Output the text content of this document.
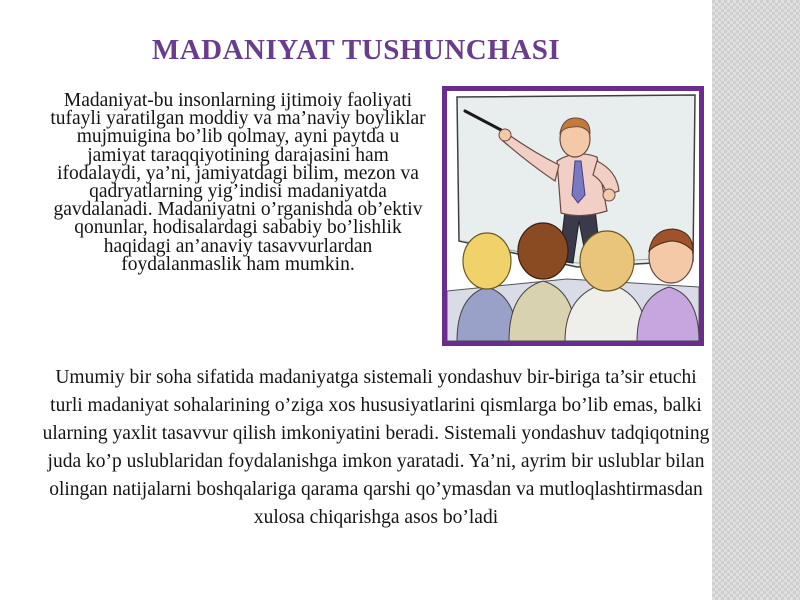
MADANIYAT TUSHUNCHASI
Madaniyat-bu insonlarning ijtimoiy faoliyati tufayli yaratilgan moddiy va ma’naviy boyliklar mujmuigina bo’lib qolmay, ayni paytda u jamiyat taraqqiyotining darajasini ham ifodalaydi, ya’ni, jamiyatdagi bilim, mezon va qadryatlarning yig’indisi madaniyatda gavdalanadi. Madaniyatni o’rganishda ob’ektiv qonunlar, hodisalardagi sababiy bo’lishlik haqidagi an’anaviy tasavvurlardan foydalanmaslik ham mumkin.
Umumiy bir soha sifatida madaniyatga sistemali yondashuv bir-biriga ta’sir etuchi turli madaniyat sohalarining o’ziga xos hususiyatlarini qismlarga bo’lib emas, balki ularning yaxlit tasavvur qilish imkoniyatini beradi. Sistemali yondashuv tadqiqotning juda ko’p uslublaridan foydalanishga imkon yaratadi. Ya’ni, ayrim bir uslublar bilan olingan natijalarni boshqalariga qarama qarshi qo’ymasdan va mutloqlashtirmasdan xulosa chiqarishga asos bo’ladi
